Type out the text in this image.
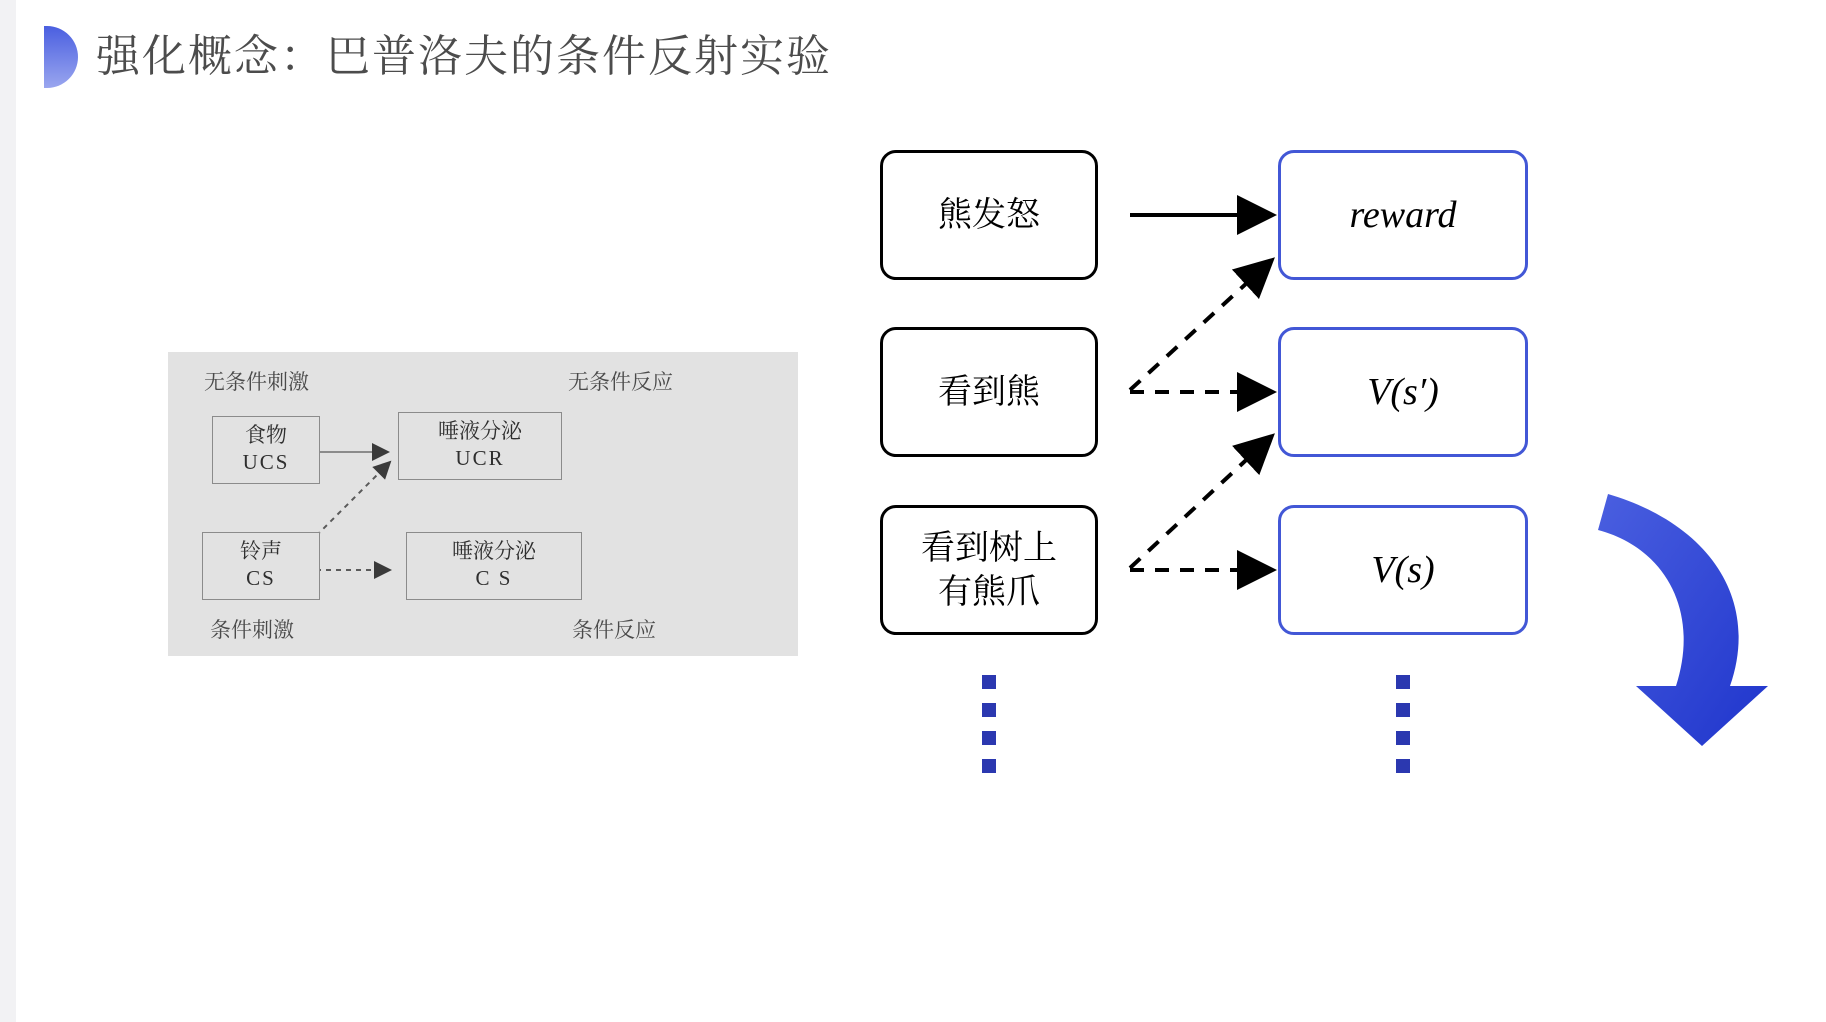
强化概念：巴普洛夫的条件反射实验
无条件刺激	无条件反应
条件刺激	条件反应
食物
UCS
唾液分泌
UCR
铃声
CS
唾液分泌
C S
熊发怒
看到熊
看到树上
有熊爪
reward
V(s′)
V(s)
